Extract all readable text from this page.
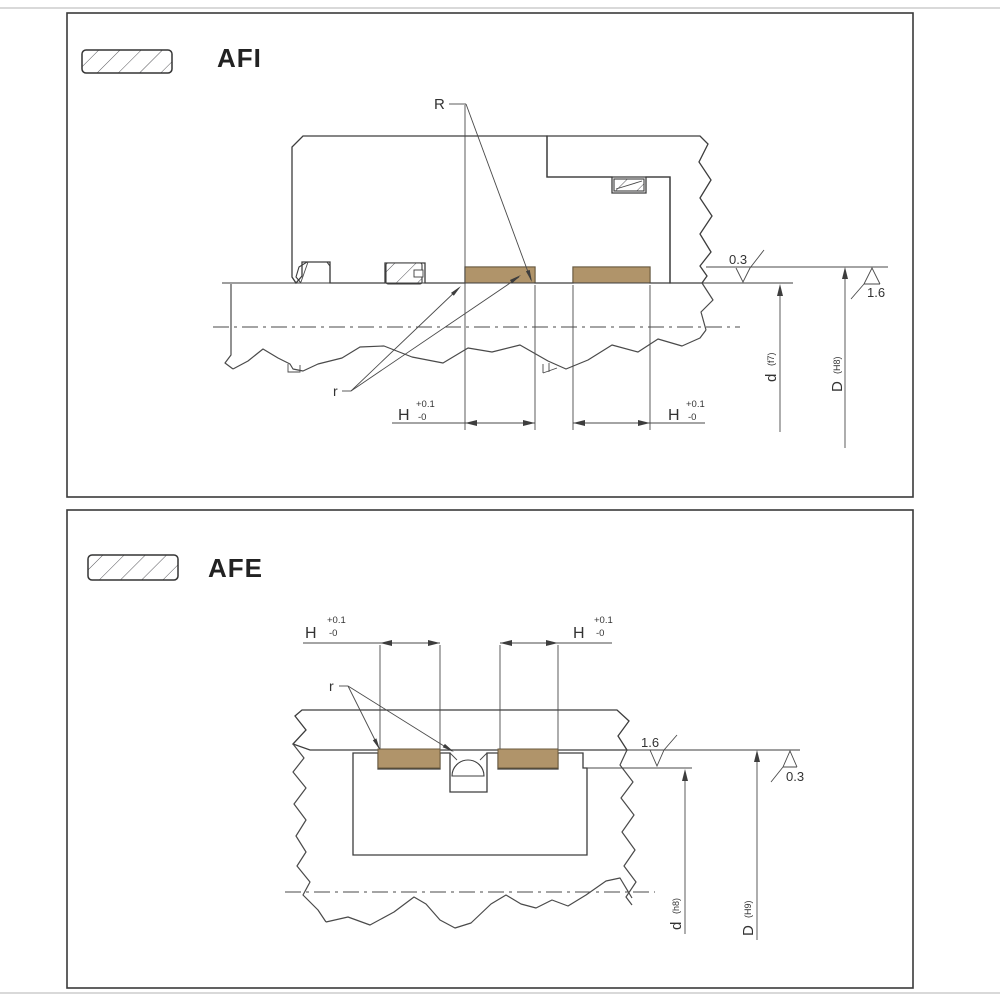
AFI
0.3
1.6
H
+0.1
-0	H
+0.1
-0
R
r
d
(f7)
D
(H8)
AFE
H
+0.1
-0	H
+0.1
-0
r
1.6
0.3
d
(h8)
D
(H9)
